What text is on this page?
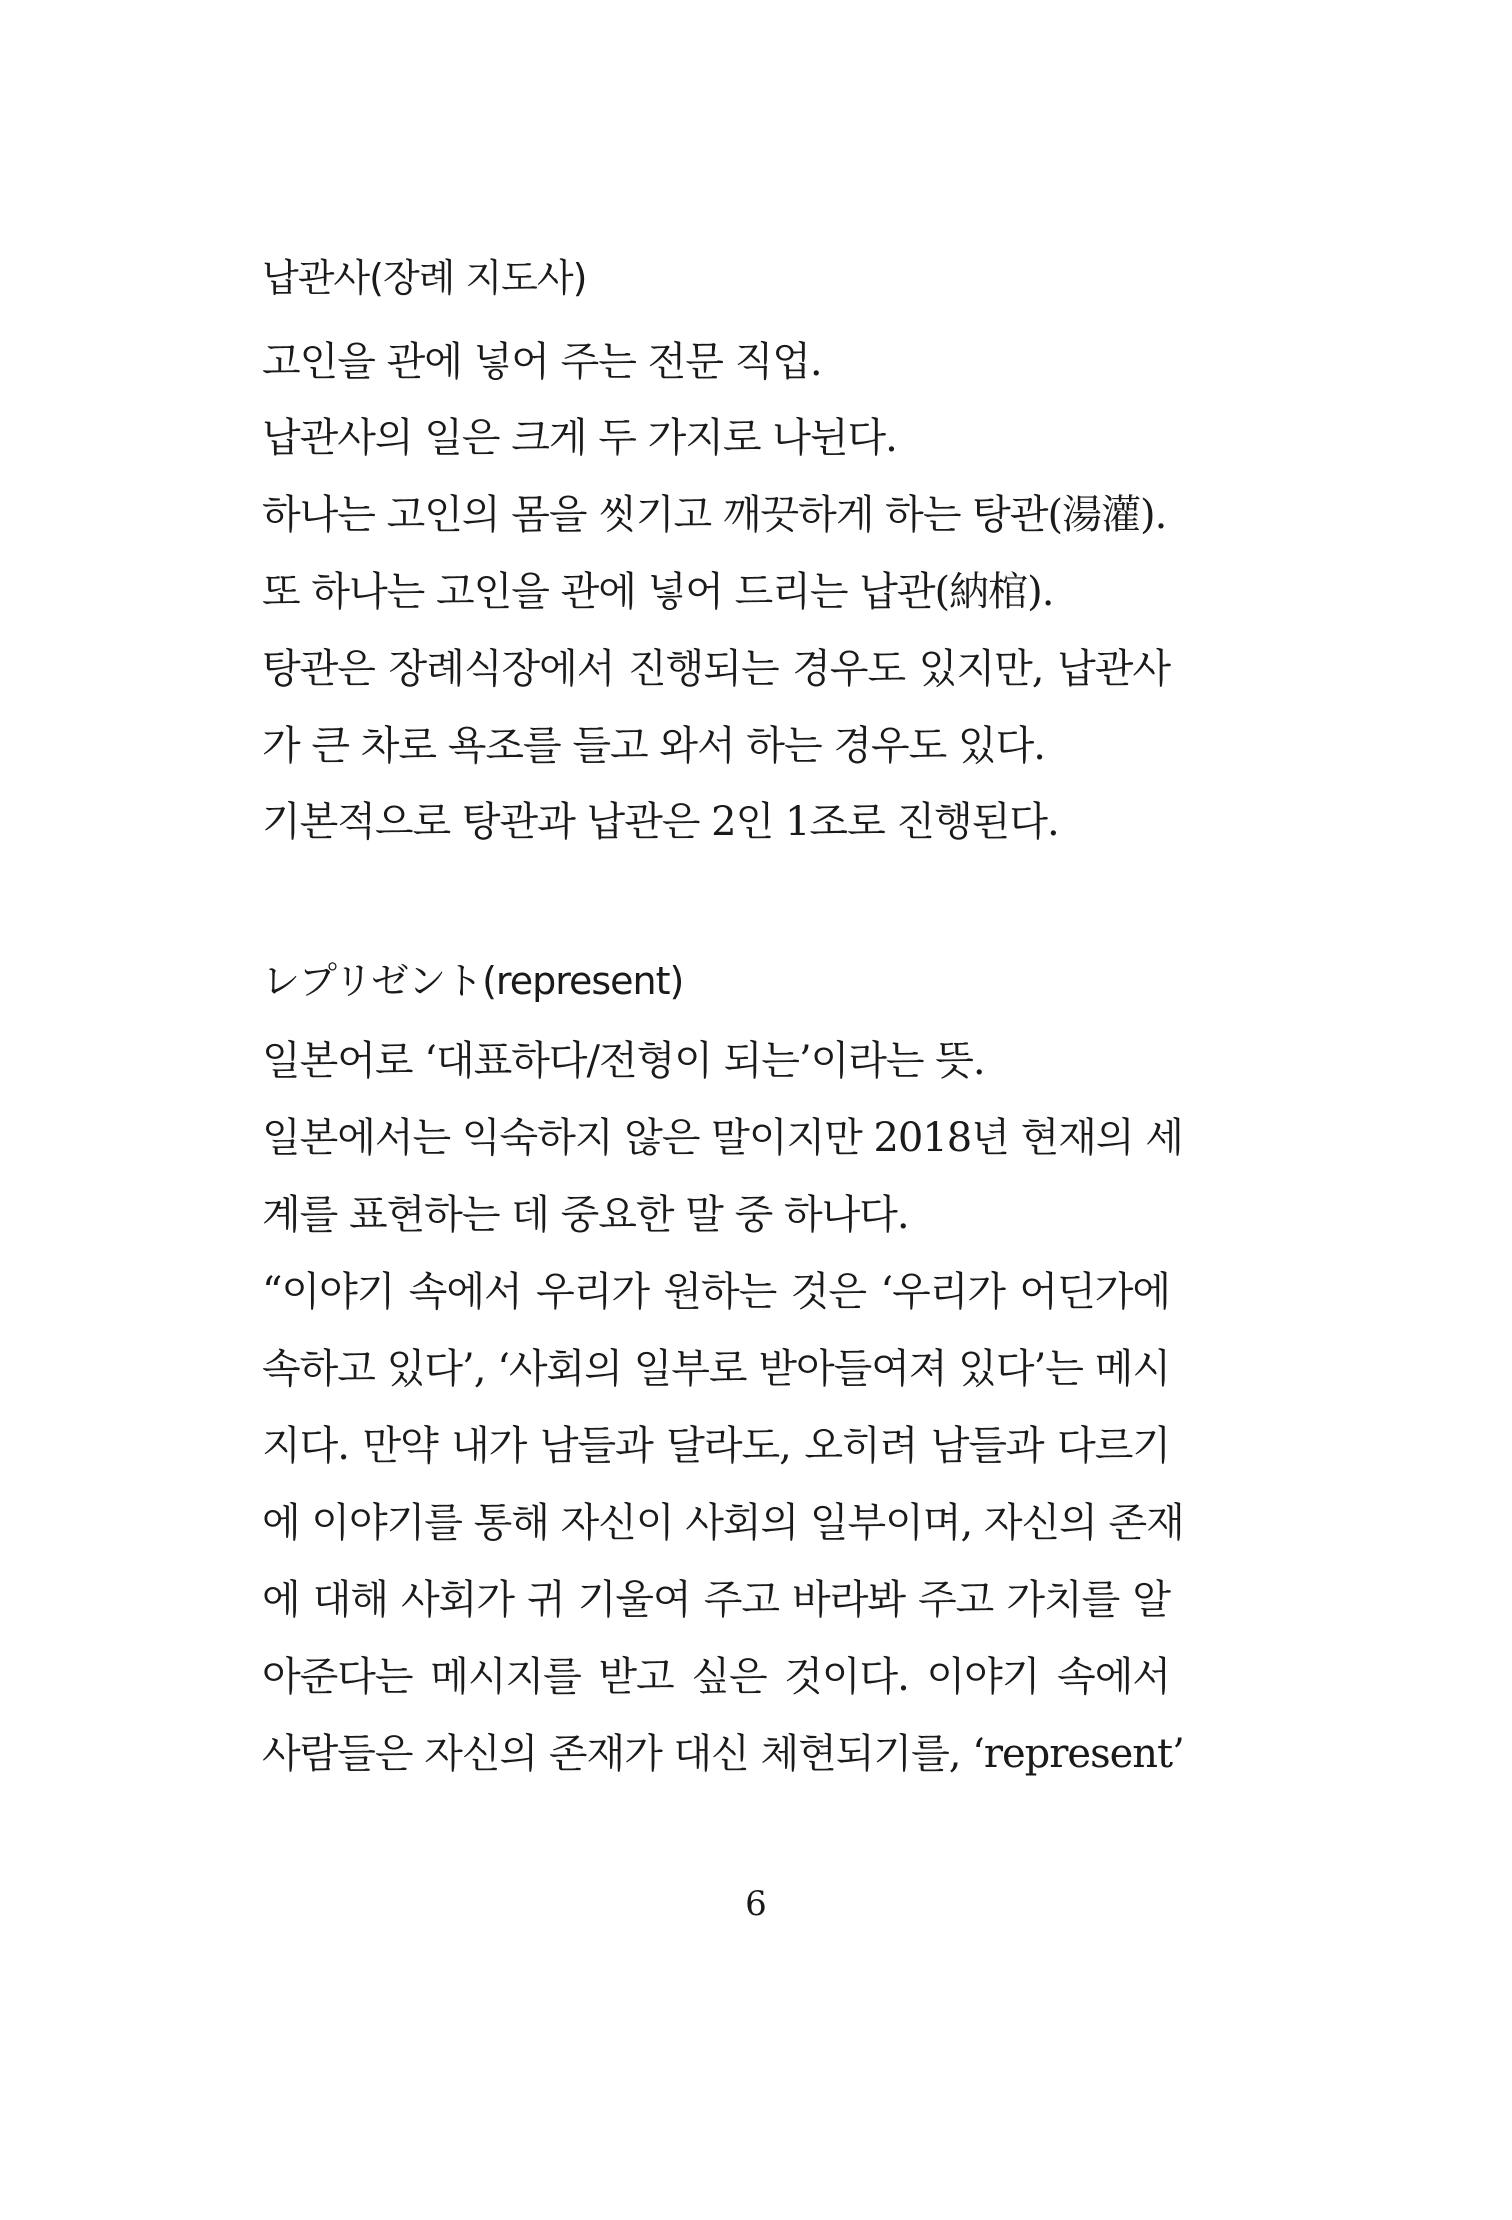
납관사(장례 지도사)
고인을 관에 넣어 주는 전문 직업.
납관사의 일은 크게 두 가지로 나뉜다.
하나는 고인의 몸을 씻기고 깨끗하게 하는 탕관(湯灌).
또 하나는 고인을 관에 넣어 드리는 납관(納棺).
탕관은 장례식장에서 진행되는 경우도 있지만, 납관사
가 큰 차로 욕조를 들고 와서 하는 경우도 있다.
기본적으로 탕관과 납관은 2인 1조로 진행된다.
レプリゼント(represent)
일본어로 ‘대표하다/전형이 되는’이라는 뜻.
일본에서는 익숙하지 않은 말이지만 2018년 현재의 세
계를 표현하는 데 중요한 말 중 하나다.
“이야기 속에서 우리가 원하는 것은 ‘우리가 어딘가에
속하고 있다’, ‘사회의 일부로 받아들여져 있다’는 메시
지다. 만약 내가 남들과 달라도, 오히려 남들과 다르기
에 이야기를 통해 자신이 사회의 일부이며, 자신의 존재
에 대해 사회가 귀 기울여 주고 바라봐 주고 가치를 알
아준다는 메시지를 받고 싶은 것이다. 이야기 속에서
사람들은 자신의 존재가 대신 체현되기를, ‘represent’
6
